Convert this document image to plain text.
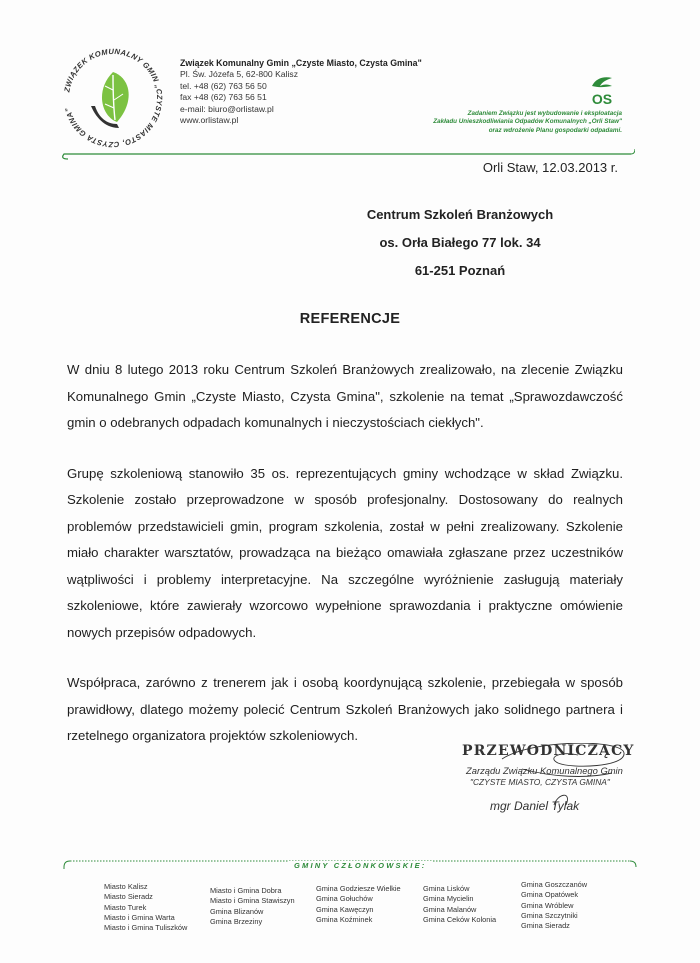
ZWIĄZEK KOMUNALNY GMIN „CZYSTE MIASTO, CZYSTA GMINA”
Związek Komunalny Gmin „Czyste Miasto, Czysta Gmina"
Pl. Św. Józefa 5, 62-800 Kalisz
tel. +48 (62) 763 56 50
fax +48 (62) 763 56 51
e-mail: biuro@orlistaw.pl
www.orlistaw.pl
OS
Zadaniem Związku jest wybudowanie i eksploatacja
Zakładu Unieszkodliwiania Odpadów Komunalnych „Orli Staw"
oraz wdrożenie Planu gospodarki odpadami.
Orli Staw, 12.03.2013 r.
Centrum Szkoleń Branżowych
os. Orła Białego 77 lok. 34
61-251 Poznań
REFERENCJE

W dniu 8 lutego 2013 roku Centrum Szkoleń Branżowych zrealizowało, na zlecenie Związku Komunalnego Gmin „Czyste Miasto, Czysta Gmina", szkolenie na temat „Sprawozdawczość gmin o odebranych odpadach komunalnych i nieczystościach ciekłych".

Grupę szkoleniową stanowiło 35 os. reprezentujących gminy wchodzące w skład Związku. Szkolenie zostało przeprowadzone w sposób profesjonalny. Dostosowany do realnych problemów przedstawicieli gmin, program szkolenia, został w pełni zrealizowany. Szkolenie miało charakter warsztatów, prowadząca na bieżąco omawiała zgłaszane przez uczestników wątpliwości i problemy interpretacyjne. Na szczególne wyróżnienie zasługują materiały szkoleniowe, które zawierały wzorcowo wypełnione sprawozdania i praktyczne omówienie nowych przepisów odpadowych.

Współpraca, zarówno z trenerem jak i osobą koordynującą szkolenie, przebiegała w sposób prawidłowy, dlatego możemy polecić Centrum Szkoleń Branżowych jako solidnego partnera i rzetelnego organizatora projektów szkoleniowych.

PRZEWODNICZĄCY
Zarządu Związku Komunalnego Gmin
"CZYSTE MIASTO, CZYSTA GMINA"
mgr Daniel Tylak
GMINY CZŁONKOWSKIE:
Miasto Kalisz
Miasto Sieradz
Miasto Turek
Miasto i Gmina Warta
Miasto i Gmina Tuliszków
Miasto i Gmina Dobra
Miasto i Gmina Stawiszyn
Gmina Blizanów
Gmina Brzeziny
Gmina Godziesze Wielkie
Gmina Gołuchów
Gmina Kawęczyn
Gmina Koźminek
Gmina Lisków
Gmina Mycielin
Gmina Malanów
Gmina Ceków Kolonia
Gmina Goszczanów
Gmina Opatówek
Gmina Wróblew
Gmina Szczytniki
Gmina Sieradz
